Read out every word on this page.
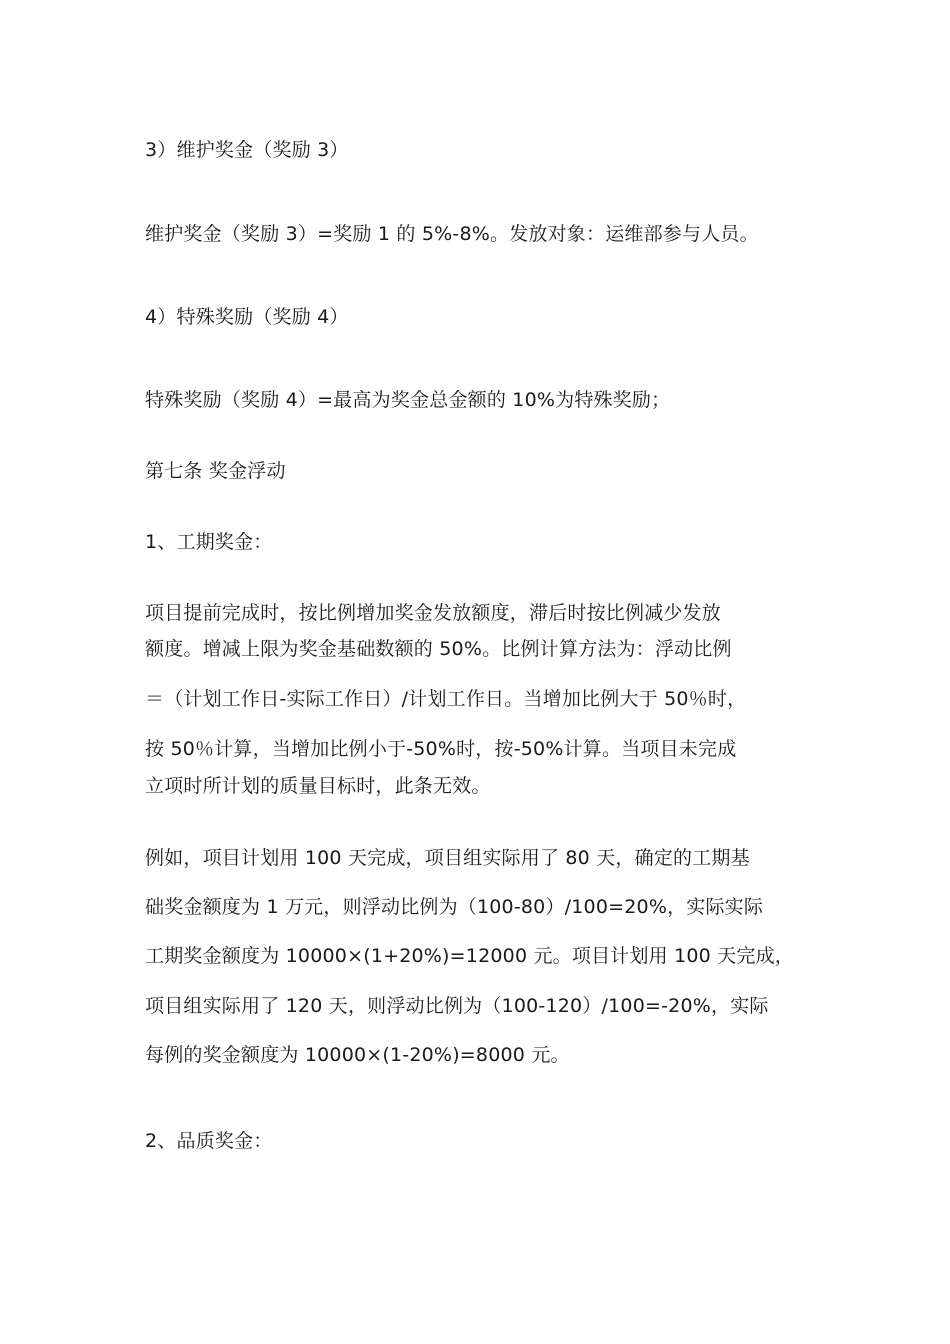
3）维护奖金（奖励 3）

维护奖金（奖励 3）=奖励 1 的 5%-8%。发放对象：运维部参与人员。

4）特殊奖励（奖励 4）

特殊奖励（奖励 4）=最高为奖金总金额的 10%为特殊奖励；

第七条 奖金浮动

1、工期奖金：

项目提前完成时，按比例增加奖金发放额度，滞后时按比例减少发放

额度。增减上限为奖金基础数额的 50%。比例计算方法为：浮动比例

＝（计划工作日-实际工作日）/计划工作日。当增加比例大于 50％时，

按 50％计算，当增加比例小于-50%时，按-50%计算。当项目未完成

立项时所计划的质量目标时，此条无效。

例如，项目计划用 100 天完成，项目组实际用了 80 天，确定的工期基

础奖金额度为 1 万元，则浮动比例为（100-80）/100=20%，实际实际

工期奖金额度为 10000×(1+20%)=12000 元。项目计划用 100 天完成，

项目组实际用了 120 天，则浮动比例为（100-120）/100=-20%，实际

每例的奖金额度为 10000×(1-20%)=8000 元。

2、品质奖金：
